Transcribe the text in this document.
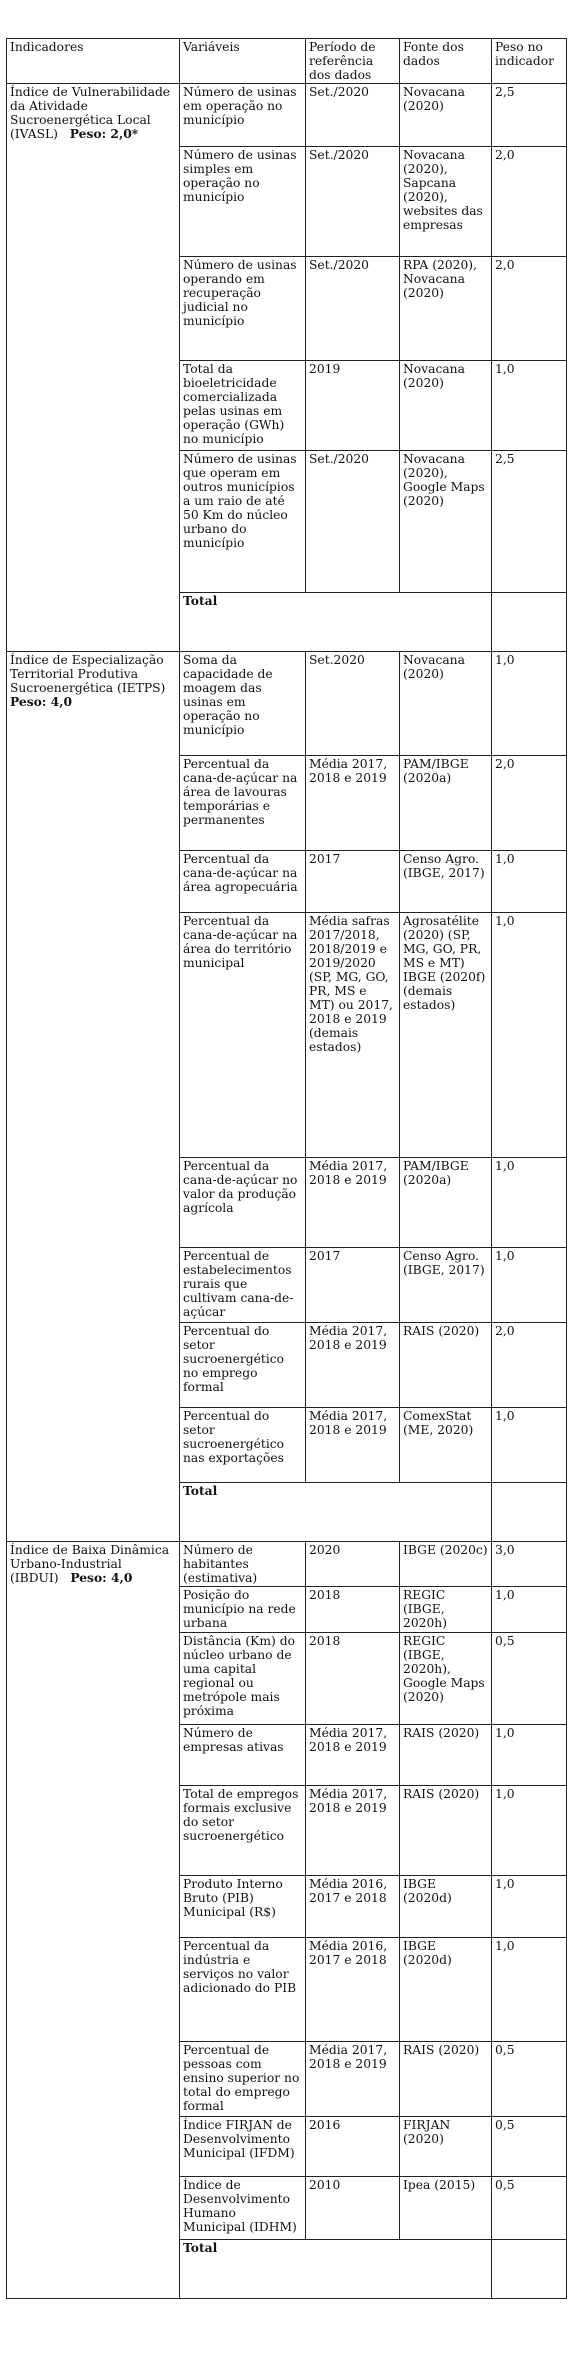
Indicadores	Variáveis	Período de referência dos dados	Fonte dos dados	Peso no indicador	
Índice de Vulnerabilidade da Atividade Sucroenergética Local (IVASL) Peso: 2,0*	Número de usinas em operação no município	Set./2020	Novacana (2020)	2,5	
	Número de usinas simples em operação no município	Set./2020	Novacana (2020), Sapcana (2020), websites das empresas	2,0	
	Número de usinas operando em recuperação judicial no município	Set./2020	RPA (2020), Novacana (2020)	2,0	
	Total da bioeletricidade comercializada pelas usinas em operação (GWh) no município	2019	Novacana (2020)	1,0	
	Número de usinas que operam em outros municípios a um raio de até 50 Km do núcleo urbano do município	Set./2020	Novacana (2020), Google Maps (2020)	2,5	
	Total		
Índice de Especialização Territorial Produtiva Sucroenergética (IETPS)   Peso: 4,0	Soma da capacidade de moagem das usinas em operação no município	Set.2020	Novacana (2020)	1,0	
	Percentual da cana-de-açúcar na área de lavouras temporárias e permanentes	Média 2017, 2018 e 2019	PAM/IBGE (2020a)	2,0	
	Percentual da cana-de-açúcar na área agropecuária	2017	Censo Agro. (IBGE, 2017)	1,0	
	Percentual da cana-de-açúcar na área do território municipal	Média safras 2017/2018, 2018/2019 e 2019/2020 (SP, MG, GO, PR, MS e MT) ou 2017, 2018 e 2019 (demais estados)	Agrosatélite (2020) (SP, MG, GO, PR, MS e MT) IBGE (2020f) (demais estados)	1,0	
	Percentual da cana-de-açúcar no valor da produção agrícola	Média 2017, 2018 e 2019	PAM/IBGE (2020a)	1,0	
	Percentual de estabelecimentos rurais que cultivam cana-de-açúcar	2017	Censo Agro. (IBGE, 2017)	1,0	
	Percentual do setor sucroenergético no emprego formal	Média 2017, 2018 e 2019	RAIS (2020)	2,0	
	Percentual do setor sucroenergético nas exportações	Média 2017, 2018 e 2019	ComexStat (ME, 2020)	1,0	
	Total		
Índice de Baixa Dinâmica Urbano-Industrial (IBDUI) Peso: 4,0	Número de habitantes (estimativa)	2020	IBGE (2020c)	3,0	
	Posição do município na rede urbana	2018	REGIC (IBGE, 2020h)	1,0	
	Distância (Km) do núcleo urbano de uma capital regional ou metrópole mais próxima	2018	REGIC (IBGE, 2020h), Google Maps (2020)	0,5	
	Número de empresas ativas	Média 2017, 2018 e 2019	RAIS (2020)	1,0	
	Total de empregos formais exclusive do setor sucroenergético	Média 2017, 2018 e 2019	RAIS (2020)	1,0	
	Produto Interno Bruto (PIB) Municipal (R$)	Média 2016, 2017 e 2018	IBGE (2020d)	1,0	
	Percentual da indústria e serviços no valor adicionado do PIB	Média 2016, 2017 e 2018	IBGE (2020d)	1,0	
	Percentual de pessoas com ensino superior no total do emprego formal	Média 2017, 2018 e 2019	RAIS (2020)	0,5	
	Índice FIRJAN de Desenvolvimento Municipal (IFDM)	2016	FIRJAN (2020)	0,5	
	Índice de Desenvolvimento Humano Municipal (IDHM)	2010	Ipea (2015)	0,5	
	Total		
